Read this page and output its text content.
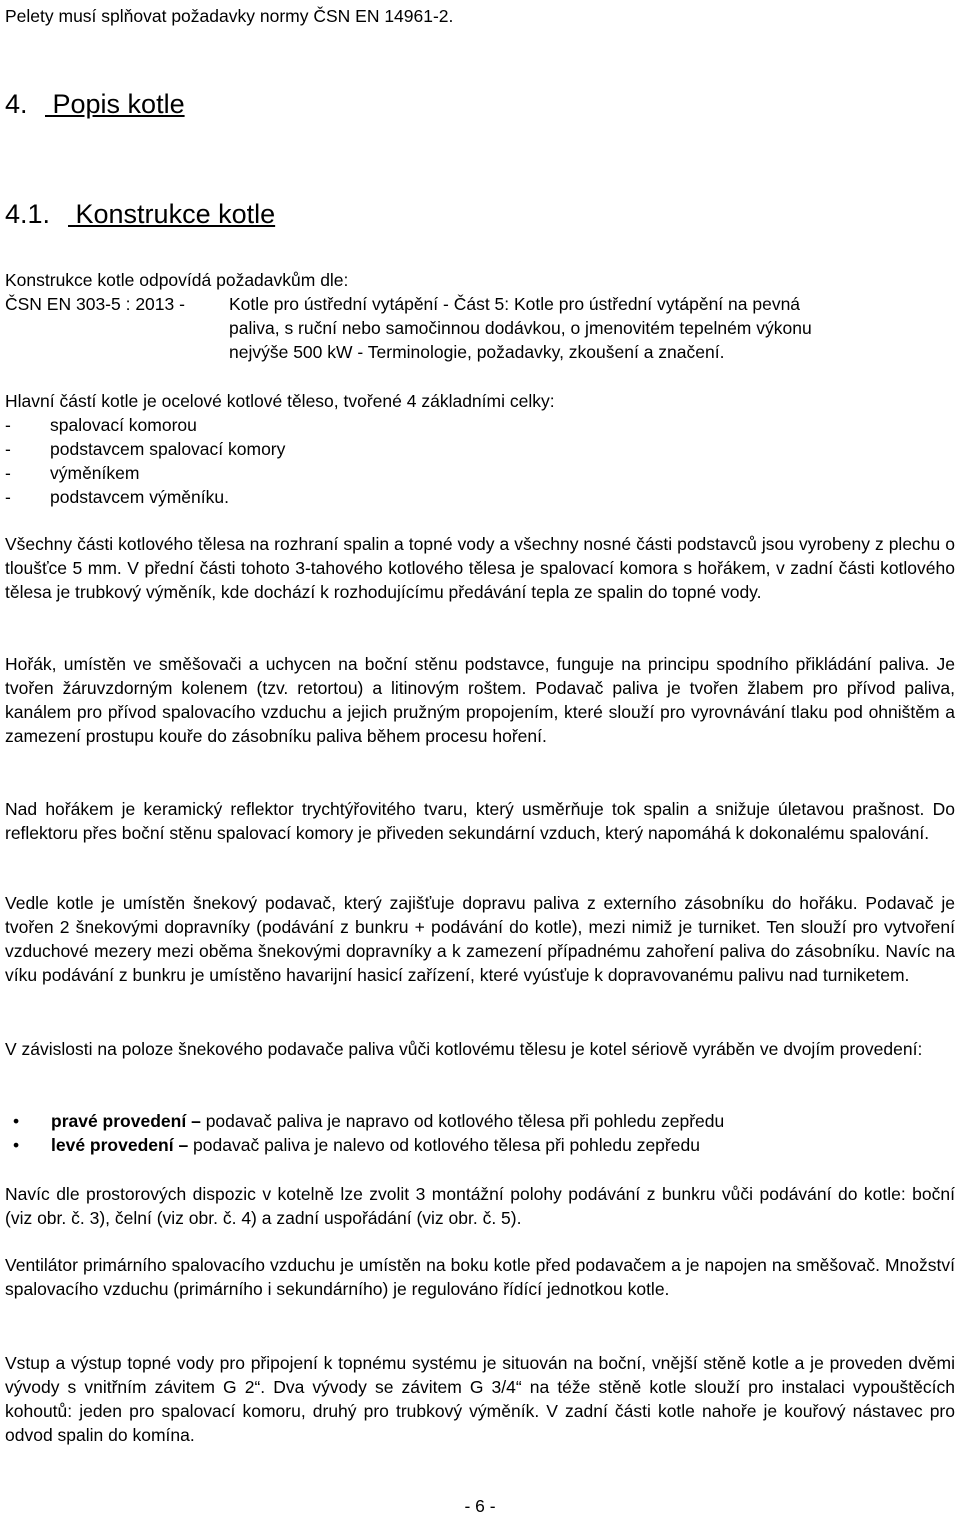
Pelety musí splňovat požadavky normy ČSN EN 14961-2.

4. Popis kotle
4.1. Konstrukce kotle
Konstrukce kotle odpovídá požadavkům dle:
ČSN EN 303-5 : 2013 -	Kotle pro ústřední vytápění - Část 5: Kotle pro ústřední vytápění na pevná
paliva, s ruční nebo samočinnou dodávkou, o jmenovitém tepelném výkonu
nejvýše 500 kW - Terminologie, požadavky, zkoušení a značení.
Hlavní částí kotle je ocelové kotlové těleso, tvořené 4 základními celky:
- spalovací komorou
- podstavcem spalovací komory
- výměníkem
- podstavcem výměníku.

Všechny části kotlového tělesa na rozhraní spalin a topné vody a všechny nosné části podstavců jsou vyrobeny z plechu o tloušťce 5 mm. V přední části tohoto 3-tahového kotlového tělesa je spalovací komora s hořákem, v zadní části kotlového tělesa je trubkový výměník, kde dochází k rozhodujícímu předávání tepla ze spalin do topné vody.

Hořák, umístěn ve směšovači a uchycen na boční stěnu podstavce, funguje na principu spodního přikládání paliva. Je tvořen žáruvzdorným kolenem (tzv. retortou) a litinovým roštem. Podavač paliva je tvořen žlabem pro přívod paliva, kanálem pro přívod spalovacího vzduchu a jejich pružným propojením, které slouží pro vyrovnávání tlaku pod ohništěm a zamezení prostupu kouře do zásobníku paliva během procesu hoření.

Nad hořákem je keramický reflektor trychtýřovitého tvaru, který usměrňuje tok spalin a snižuje úletavou prašnost. Do reflektoru přes boční stěnu spalovací komory je přiveden sekundární vzduch, který napomáhá k dokonalému spalování.

Vedle kotle je umístěn šnekový podavač, který zajišťuje dopravu paliva z externího zásobníku do hořáku. Podavač je tvořen 2 šnekovými dopravníky (podávání z bunkru + podávání do kotle), mezi nimiž je turniket. Ten slouží pro vytvoření vzduchové mezery mezi oběma šnekovými dopravníky a k zamezení případnému zahoření paliva do zásobníku. Navíc na víku podávání z bunkru je umístěno havarijní hasicí zařízení, které vyúsťuje k dopravovanému palivu nad turniketem.

V závislosti na poloze šnekového podavače paliva vůči kotlovému tělesu je kotel sériově vyráběn ve dvojím provedení:

• pravé provedení – podavač paliva je napravo od kotlového tělesa při pohledu zepředu
• levé provedení – podavač paliva je nalevo od kotlového tělesa při pohledu zepředu

Navíc dle prostorových dispozic v kotelně lze zvolit 3 montážní polohy podávání z bunkru vůči podávání do kotle: boční (viz obr. č. 3), čelní (viz obr. č. 4) a zadní uspořádání (viz obr. č. 5).

Ventilátor primárního spalovacího vzduchu je umístěn na boku kotle před podavačem a je napojen na směšovač. Množství spalovacího vzduchu (primárního i sekundárního) je regulováno řídící jednotkou kotle.

Vstup a výstup topné vody pro připojení k topnému systému je situován na boční, vnější stěně kotle a je proveden dvěmi vývody s vnitřním závitem G 2“. Dva vývody se závitem G 3/4“ na téže stěně kotle slouží pro instalaci vypouštěcích kohoutů: jeden pro spalovací komoru, druhý pro trubkový výměník. V zadní části kotle nahoře je kouřový nástavec pro odvod spalin do komína.

- 6 -
